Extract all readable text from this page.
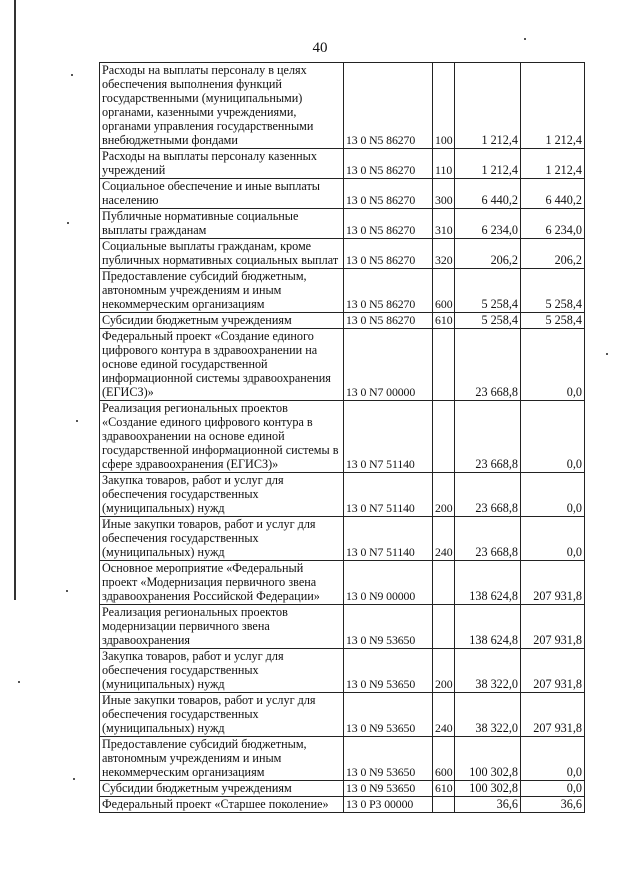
40
Расходы на выплаты персоналу в целях обеспечения выполнения функций государственными (муниципальными) органами, казенными учреждениями, органами управления государственными внебюджетными фондами	13 0 N5 86270	100	1 212,4	1 212,4
Расходы на выплаты персоналу казенных учреждений	13 0 N5 86270	110	1 212,4	1 212,4
Социальное обеспечение и иные выплаты населению	13 0 N5 86270	300	6 440,2	6 440,2
Публичные нормативные социальные выплаты гражданам	13 0 N5 86270	310	6 234,0	6 234,0
Социальные выплаты гражданам, кроме публичных нормативных социальных выплат	13 0 N5 86270	320	206,2	206,2
Предоставление субсидий бюджетным, автономным учреждениям и иным некоммерческим организациям	13 0 N5 86270	600	5 258,4	5 258,4
Субсидии бюджетным учреждениям	13 0 N5 86270	610	5 258,4	5 258,4
Федеральный проект «Создание единого цифрового контура в здравоохранении на основе единой государственной информационной системы здравоохранения (ЕГИСЗ)»	13 0 N7 00000		23 668,8	0,0
Реализация региональных проектов «Создание единого цифрового контура в здравоохранении на основе единой государственной информационной системы в сфере здравоохранения (ЕГИСЗ)»	13 0 N7 51140		23 668,8	0,0
Закупка товаров, работ и услуг для обеспечения государственных (муниципальных) нужд	13 0 N7 51140	200	23 668,8	0,0
Иные закупки товаров, работ и услуг для обеспечения государственных (муниципальных) нужд	13 0 N7 51140	240	23 668,8	0,0
Основное мероприятие «Федеральный проект «Модернизация первичного звена здравоохранения Российской Федерации»	13 0 N9 00000		138 624,8	207 931,8
Реализация региональных проектов модернизации первичного звена здравоохранения	13 0 N9 53650		138 624,8	207 931,8
Закупка товаров, работ и услуг для обеспечения государственных (муниципальных) нужд	13 0 N9 53650	200	38 322,0	207 931,8
Иные закупки товаров, работ и услуг для обеспечения государственных (муниципальных) нужд	13 0 N9 53650	240	38 322,0	207 931,8
Предоставление субсидий бюджетным, автономным учреждениям и иным некоммерческим организациям	13 0 N9 53650	600	100 302,8	0,0
Субсидии бюджетным учреждениям	13 0 N9 53650	610	100 302,8	0,0
Федеральный проект «Старшее поколение»	13 0 P3 00000		36,6	36,6
